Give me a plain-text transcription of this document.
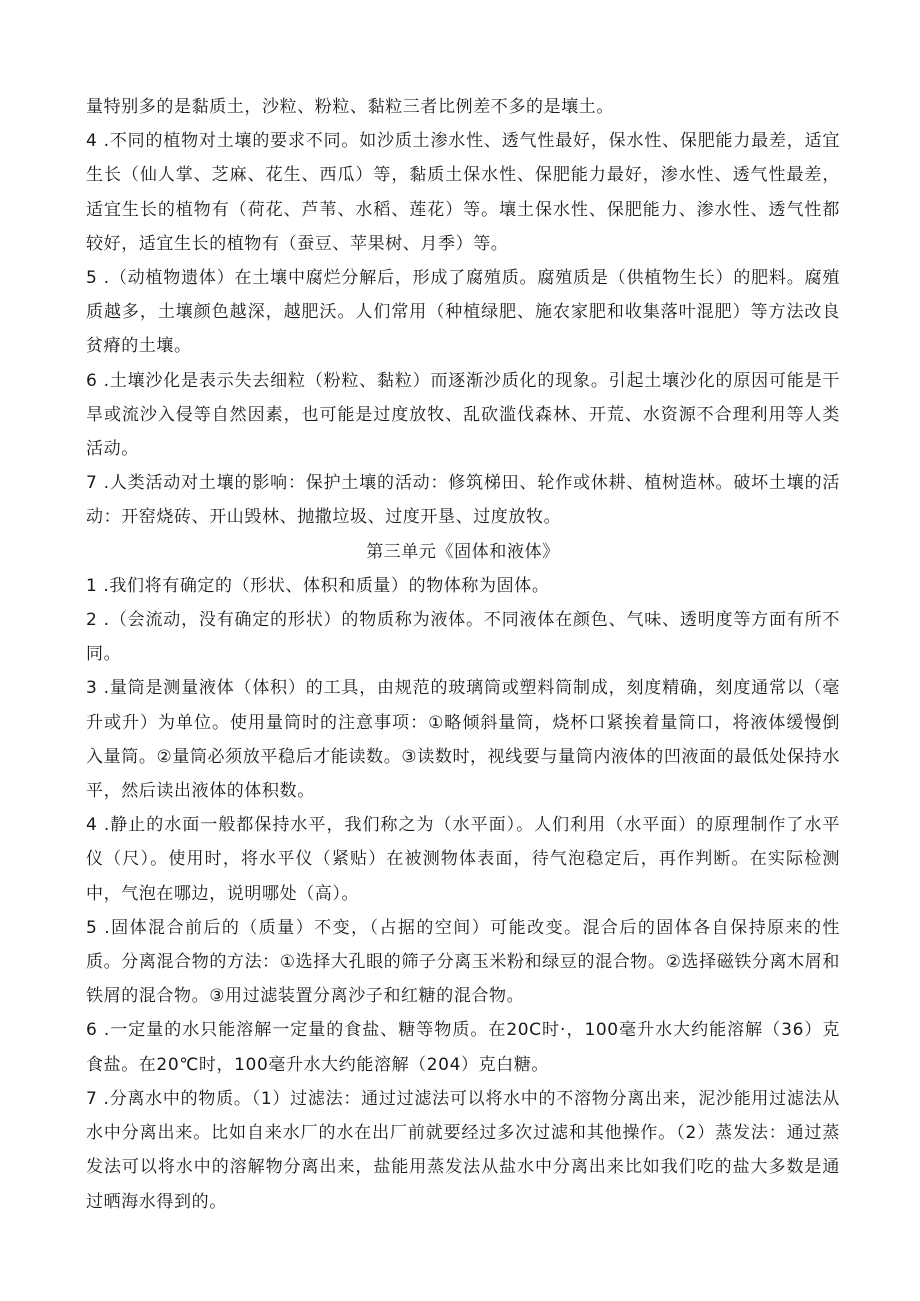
量特别多的是黏质土，沙粒、粉粒、黏粒三者比例差不多的是壤土。

4 .不同的植物对土壤的要求不同。如沙质土渗水性、透气性最好，保水性、保肥能力最差，适宜生长（仙人掌、芝麻、花生、西瓜）等，黏质土保水性、保肥能力最好，渗水性、透气性最差，适宜生长的植物有（荷花、芦苇、水稻、莲花）等。壤土保水性、保肥能力、渗水性、透气性都较好，适宜生长的植物有（蚕豆、苹果树、月季）等。

5 .（动植物遗体）在土壤中腐烂分解后，形成了腐殖质。腐殖质是（供植物生长）的肥料。腐殖质越多，土壤颜色越深，越肥沃。人们常用（种植绿肥、施农家肥和收集落叶混肥）等方法改良贫瘠的土壤。

6 .土壤沙化是表示失去细粒（粉粒、黏粒）而逐渐沙质化的现象。引起土壤沙化的原因可能是干旱或流沙入侵等自然因素，也可能是过度放牧、乱砍滥伐森林、开荒、水资源不合理利用等人类活动。

7 .人类活动对土壤的影响：保护土壤的活动：修筑梯田、轮作或休耕、植树造林。破坏土壤的活动：开窑烧砖、开山毁林、抛撒垃圾、过度开垦、过度放牧。

第三单元《固体和液体》

1 .我们将有确定的（形状、体积和质量）的物体称为固体。

2 .（会流动，没有确定的形状）的物质称为液体。不同液体在颜色、气味、透明度等方面有所不同。

3 .量筒是测量液体（体积）的工具，由规范的玻璃筒或塑料筒制成，刻度精确，刻度通常以（毫升或升）为单位。使用量筒时的注意事项：①略倾斜量筒，烧杯口紧挨着量筒口，将液体缓慢倒入量筒。②量筒必须放平稳后才能读数。③读数时，视线要与量筒内液体的凹液面的最低处保持水平，然后读出液体的体积数。

4 .静止的水面一般都保持水平，我们称之为（水平面）。人们利用（水平面）的原理制作了水平仪（尺）。使用时，将水平仪（紧贴）在被测物体表面，待气泡稳定后，再作判断。在实际检测中，气泡在哪边，说明哪处（高）。

5 .固体混合前后的（质量）不变，（占据的空间）可能改变。混合后的固体各自保持原来的性质。分离混合物的方法：①选择大孔眼的筛子分离玉米粉和绿豆的混合物。②选择磁铁分离木屑和铁屑的混合物。③用过滤装置分离沙子和红糖的混合物。

6 .一定量的水只能溶解一定量的食盐、糖等物质。在20C时·，100毫升水大约能溶解（36）克食盐。在20℃时，100毫升水大约能溶解（204）克白糖。

7 .分离水中的物质。（1）过滤法：通过过滤法可以将水中的不溶物分离出来，泥沙能用过滤法从水中分离出来。比如自来水厂的水在出厂前就要经过多次过滤和其他操作。（2）蒸发法：通过蒸发法可以将水中的溶解物分离出来，盐能用蒸发法从盐水中分离出来比如我们吃的盐大多数是通过晒海水得到的。
